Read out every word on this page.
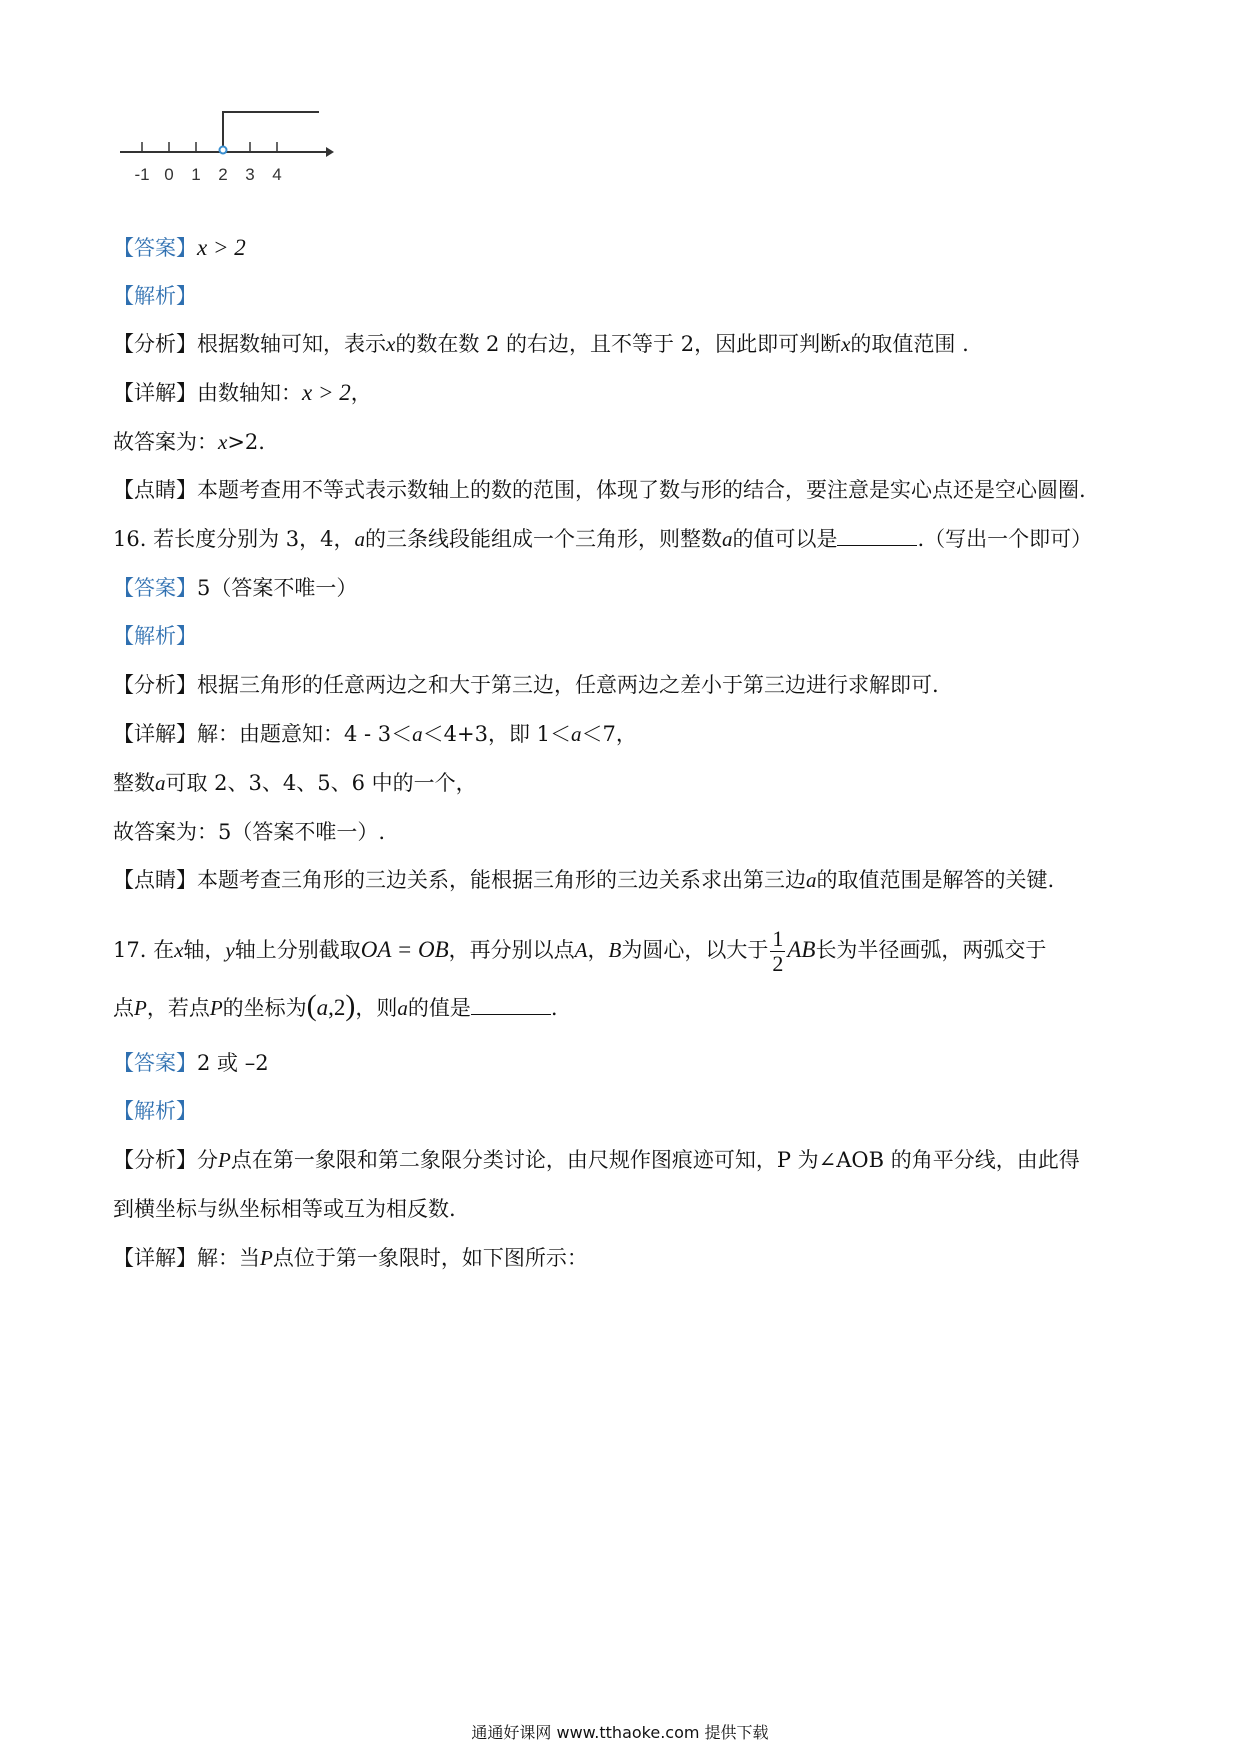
-1 0 1 2 3 4
【答案】x > 2
【解析】
【分析】根据数轴可知，表示x的数在数 2 的右边，且不等于 2，因此即可判断x的取值范围 .
【详解】由数轴知：x > 2，
故答案为：x>2.
【点睛】本题考查用不等式表示数轴上的数的范围，体现了数与形的结合，要注意是实心点还是空心圆圈.
16. 若长度分别为 3，4，a的三条线段能组成一个三角形，则整数a的值可以是	.（写出一个即可）
【答案】5（答案不唯一）
【解析】
【分析】根据三角形的任意两边之和大于第三边，任意两边之差小于第三边进行求解即可.
【详解】解：由题意知：4 - 3＜a＜4+3，即 1＜a＜7，
整数a可取 2、3、4、5、6 中的一个，
故答案为：5（答案不唯一）.
【点睛】本题考查三角形的三边关系，能根据三角形的三边关系求出第三边a的取值范围是解答的关键.
17. 在x轴，y轴上分别截取OA = OB，再分别以点A，B为圆心，以大于 $\frac{1}{2}$ AB长为半径画弧，两弧交于
点P，若点P的坐标为(a,2)，则a的值是	.
【答案】2 或 –2
【解析】
【分析】分P点在第一象限和第二象限分类讨论，由尺规作图痕迹可知，P 为∠AOB 的角平分线，由此得
到横坐标与纵坐标相等或互为相反数.
【详解】解：当P点位于第一象限时，如下图所示：
通通好课网 www.tthaoke.com 提供下载
